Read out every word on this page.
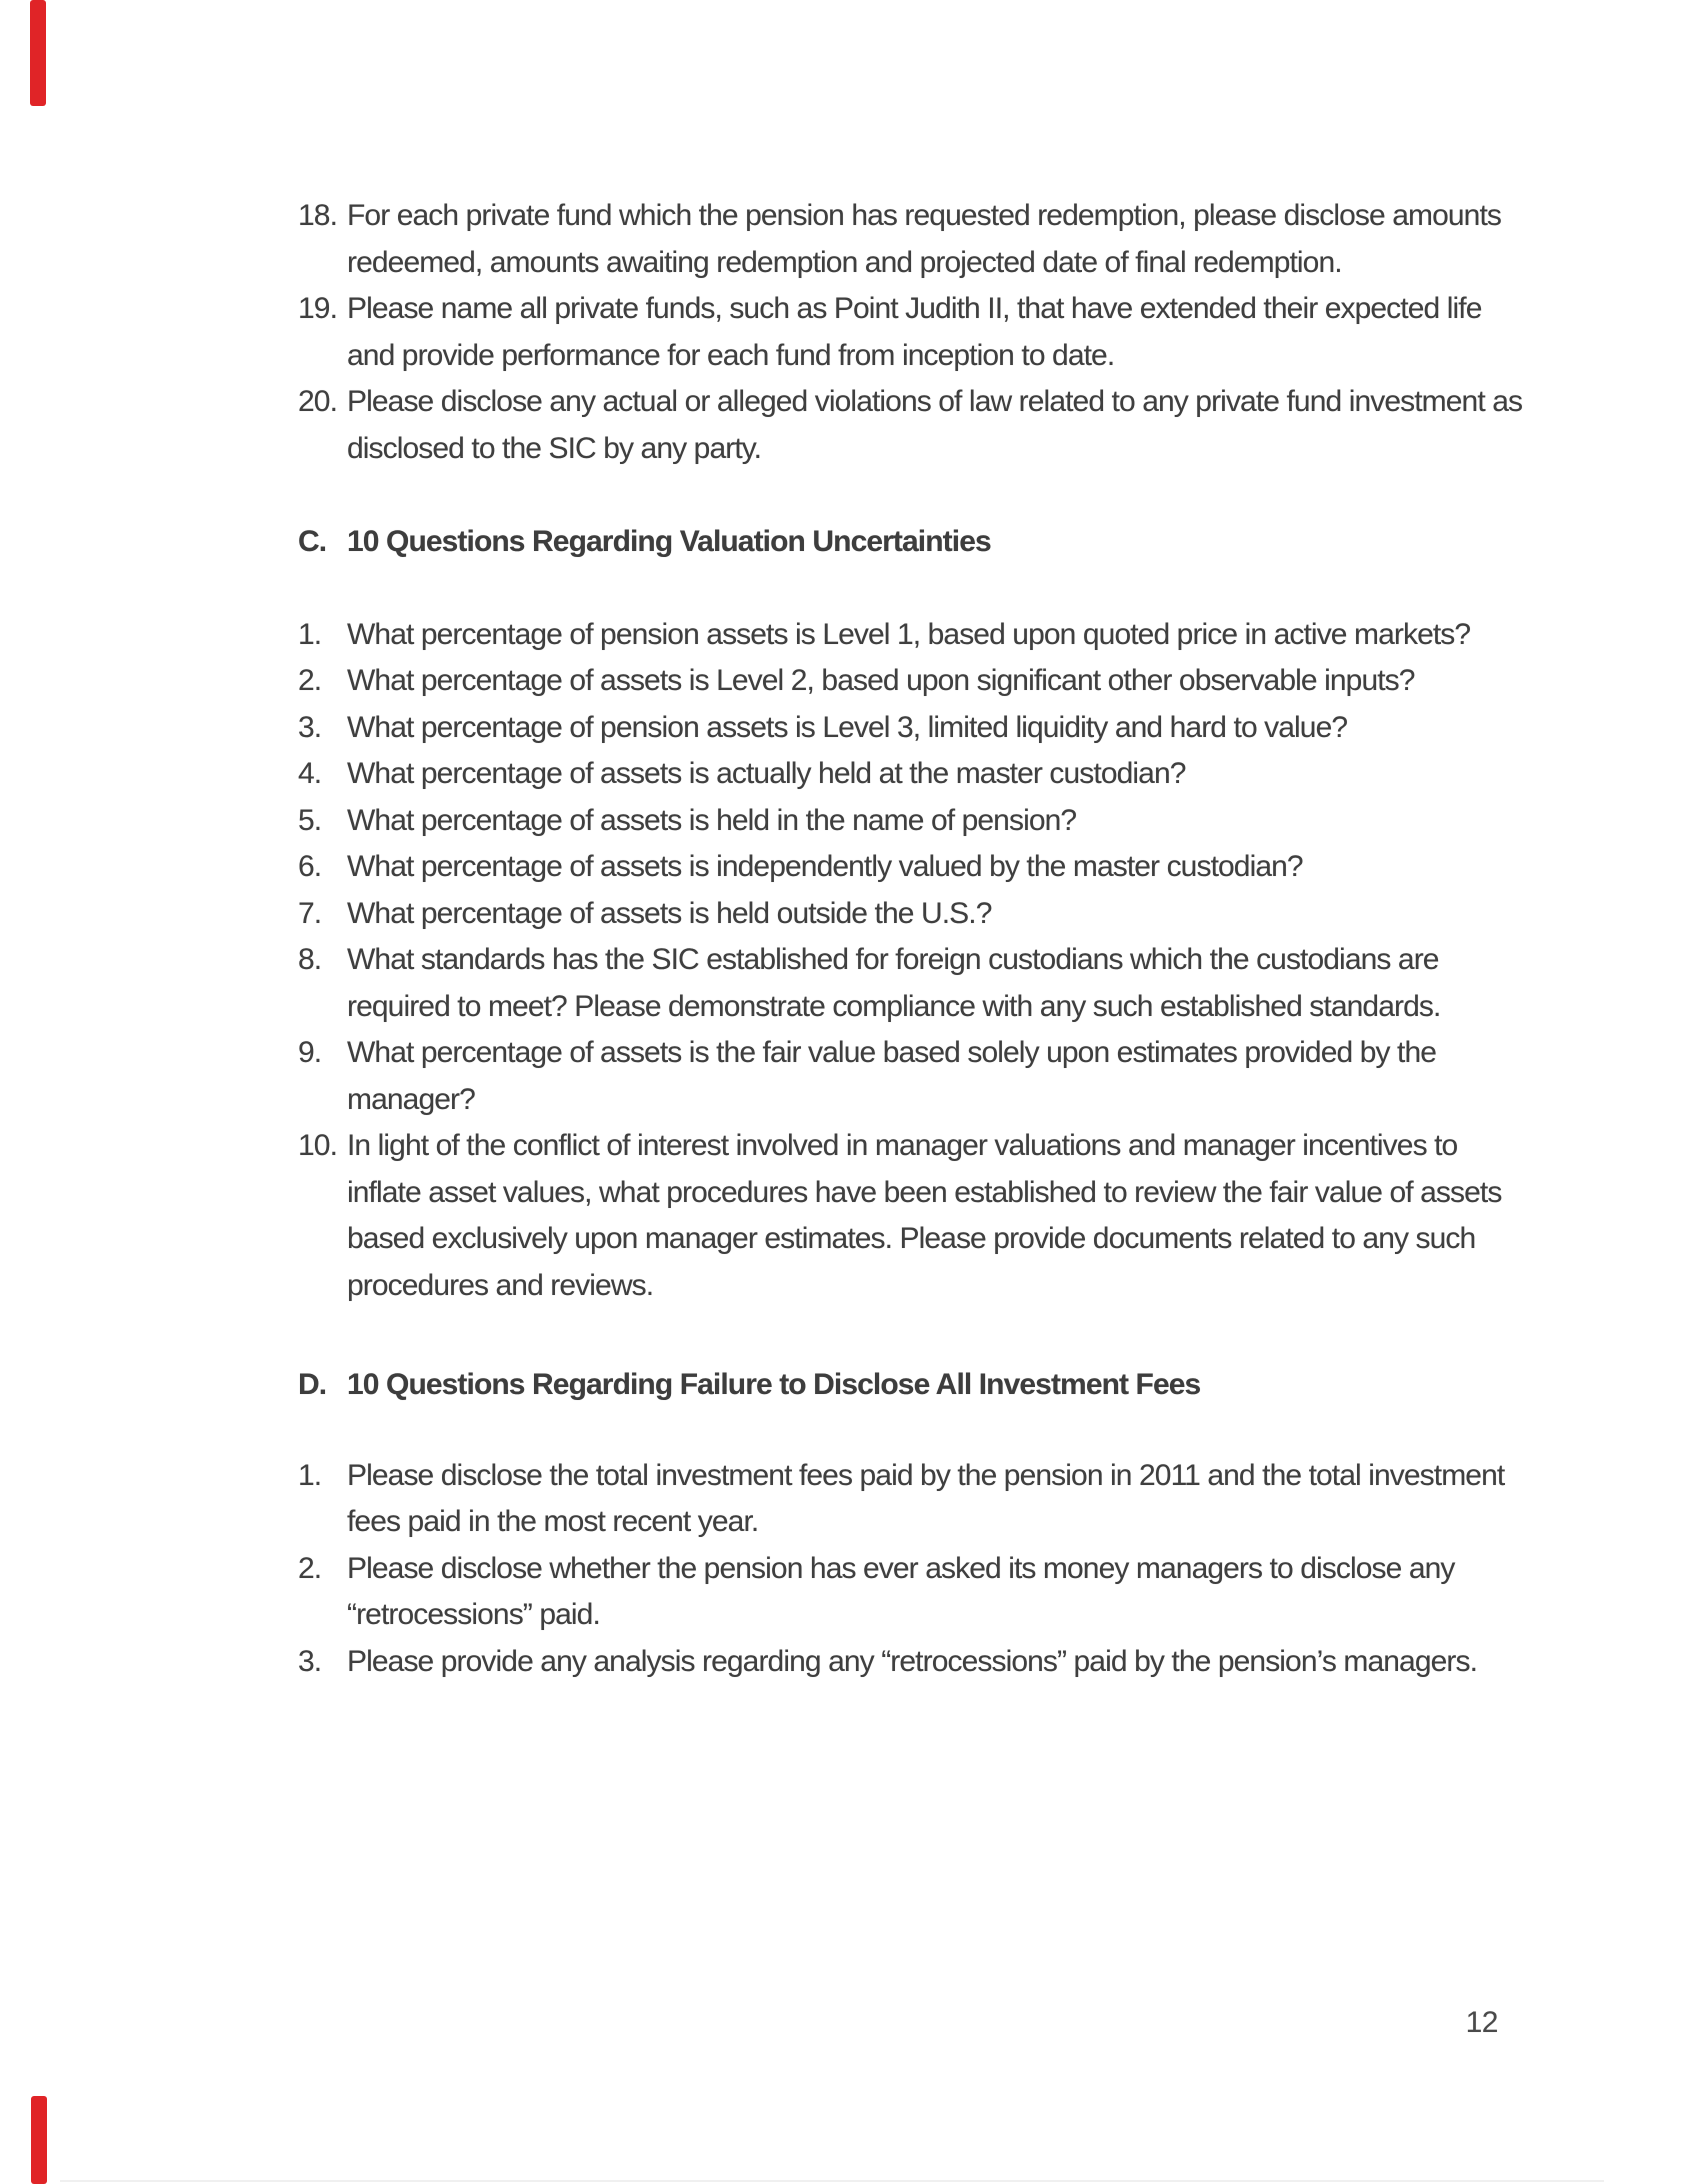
18. For each private fund which the pension has requested redemption, please disclose amounts redeemed, amounts awaiting redemption and projected date of final redemption.
19. Please name all private funds, such as Point Judith II, that have extended their expected life and provide performance for each fund from inception to date.
20. Please disclose any actual or alleged violations of law related to any private fund investment as disclosed to the SIC by any party.
C. 10 Questions Regarding Valuation Uncertainties
1. What percentage of pension assets is Level 1, based upon quoted price in active markets?
2. What percentage of assets is Level 2, based upon significant other observable inputs?
3. What percentage of pension assets is Level 3, limited liquidity and hard to value?
4. What percentage of assets is actually held at the master custodian?
5. What percentage of assets is held in the name of pension?
6. What percentage of assets is independently valued by the master custodian?
7. What percentage of assets is held outside the U.S.?
8. What standards has the SIC established for foreign custodians which the custodians are required to meet? Please demonstrate compliance with any such established standards.
9. What percentage of assets is the fair value based solely upon estimates provided by the manager?
10. In light of the conflict of interest involved in manager valuations and manager incentives to inflate asset values, what procedures have been established to review the fair value of assets based exclusively upon manager estimates. Please provide documents related to any such procedures and reviews.
D. 10 Questions Regarding Failure to Disclose All Investment Fees
1. Please disclose the total investment fees paid by the pension in 2011 and the total investment fees paid in the most recent year.
2. Please disclose whether the pension has ever asked its money managers to disclose any “retrocessions” paid.
3. Please provide any analysis regarding any “retrocessions” paid by the pension’s managers.
12
